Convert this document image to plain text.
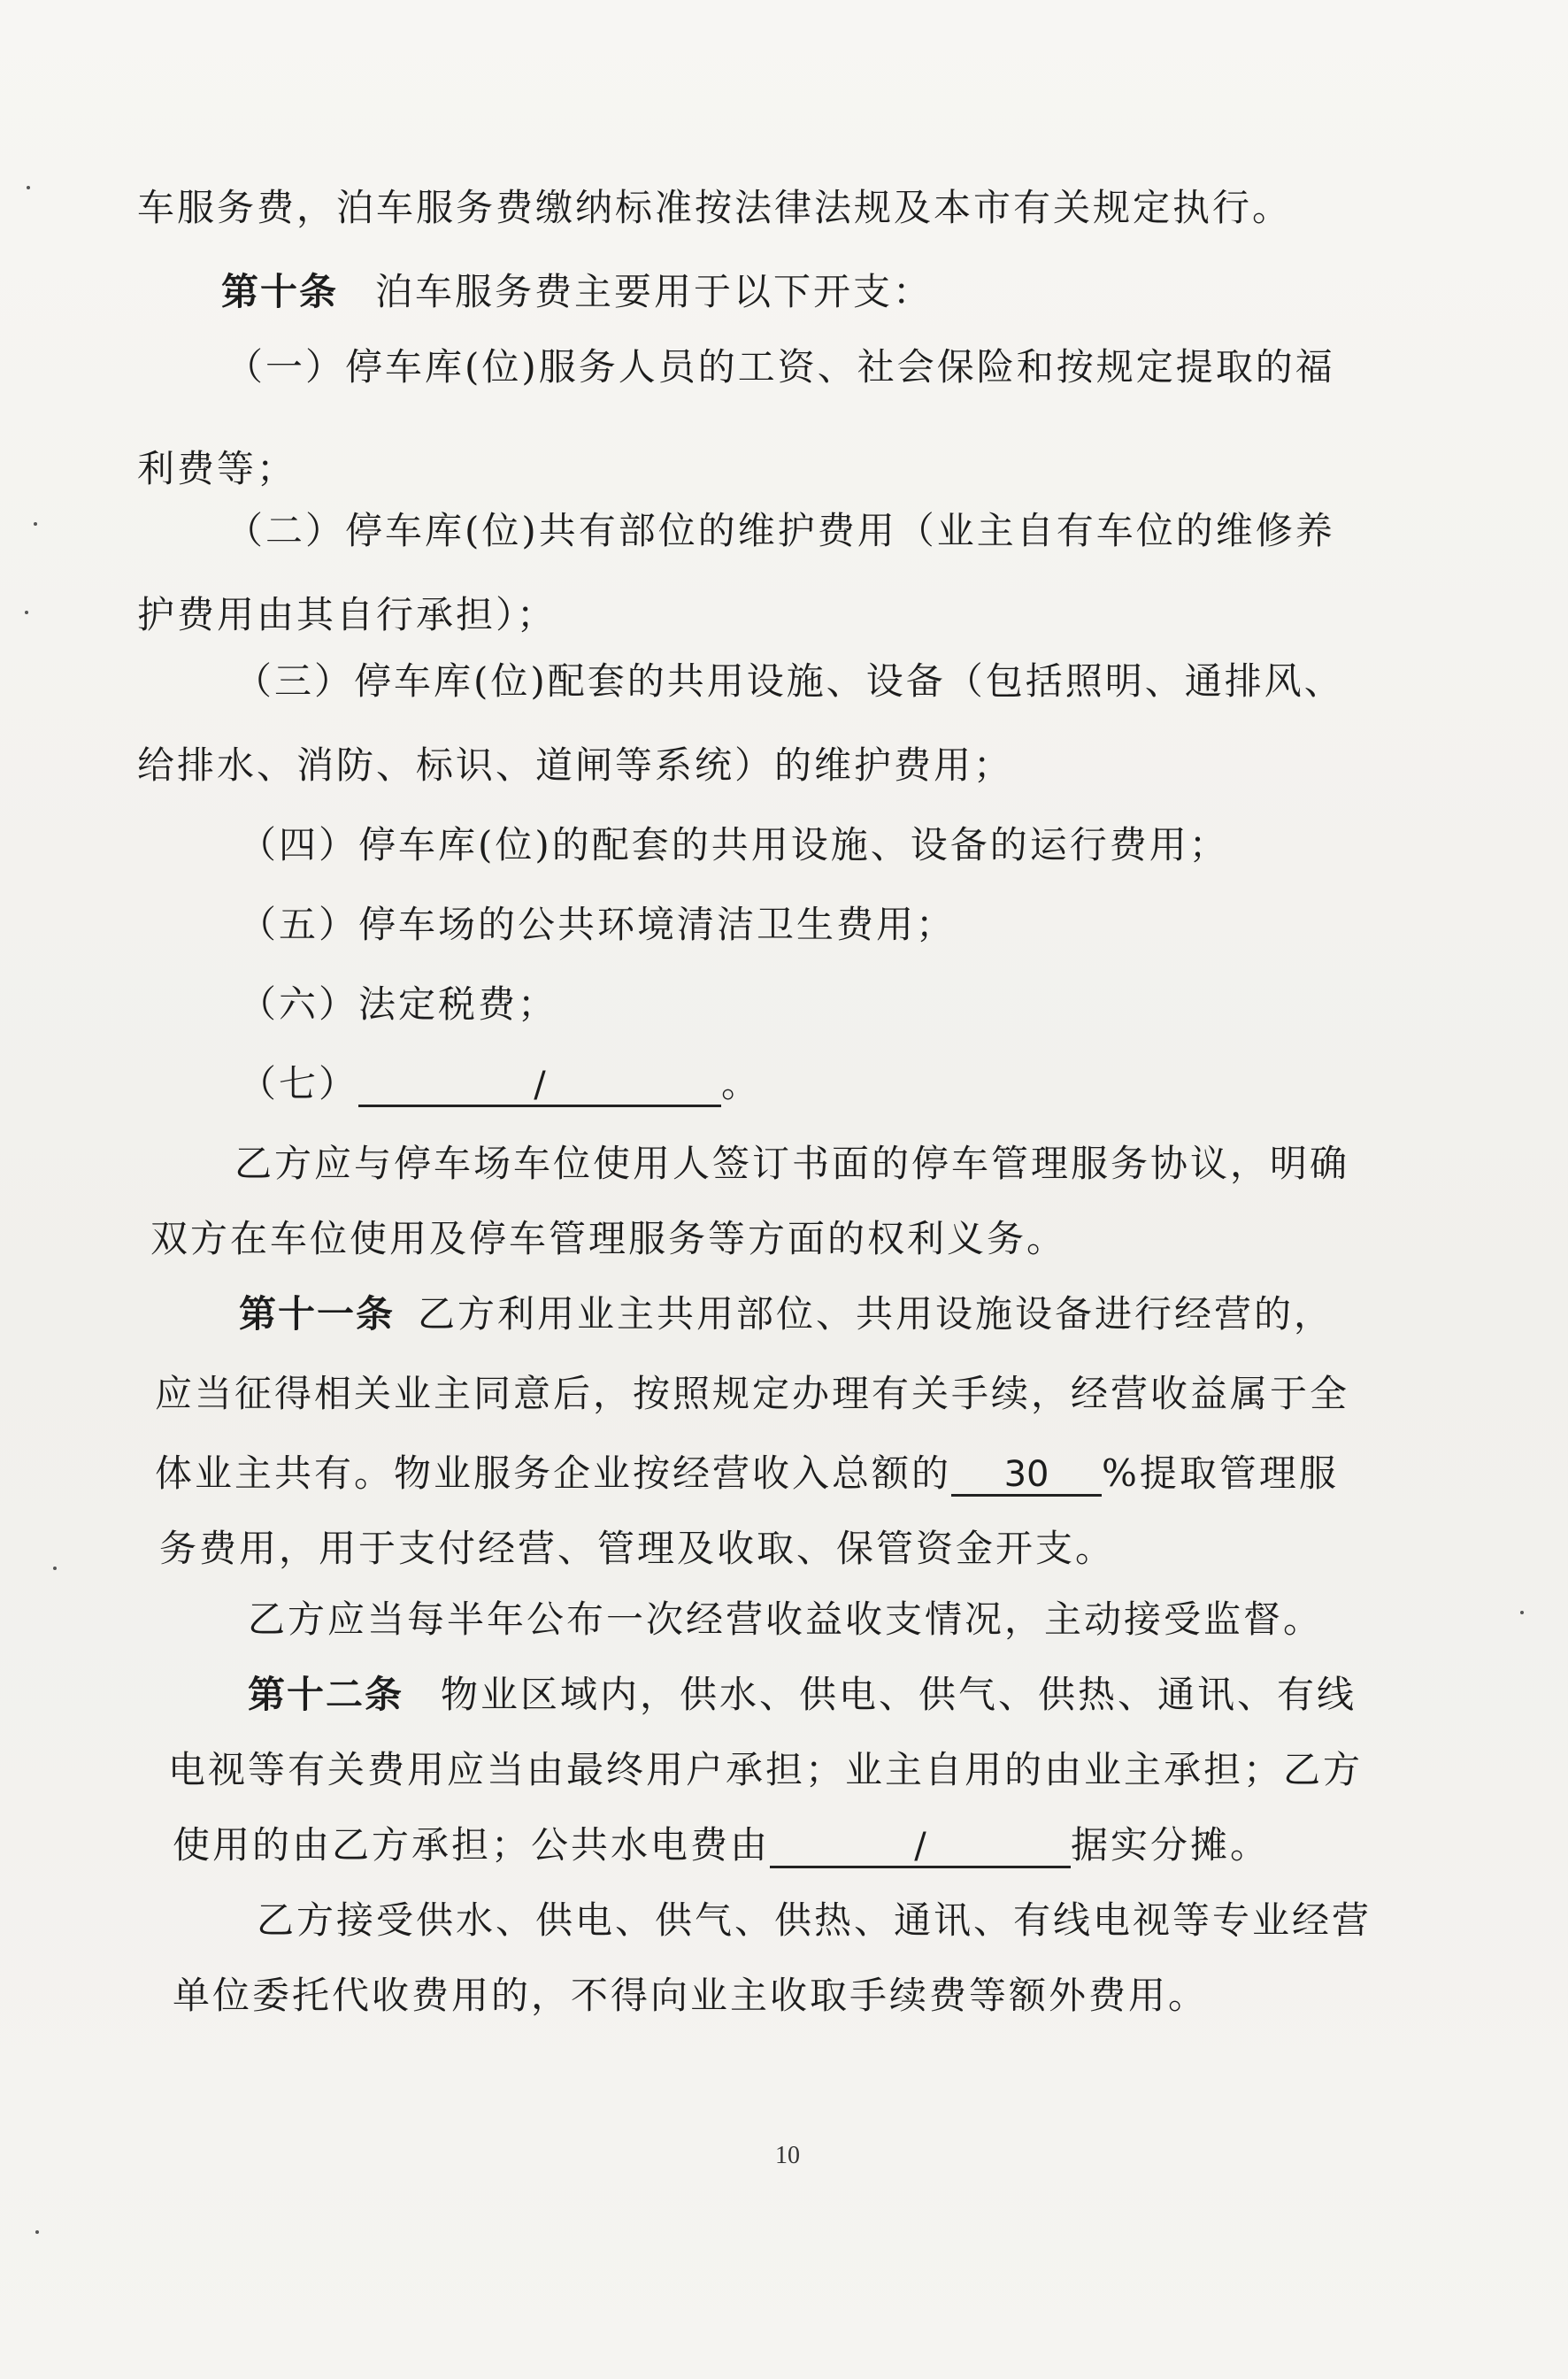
车服务费，泊车服务费缴纳标准按法律法规及本市有关规定执行。
第十条 泊车服务费主要用于以下开支：
（一）停车库(位)服务人员的工资、社会保险和按规定提取的福
利费等；
（二）停车库(位)共有部位的维护费用（业主自有车位的维修养
护费用由其自行承担）；
（三）停车库(位)配套的共用设施、设备（包括照明、通排风、
给排水、消防、标识、道闸等系统）的维护费用；
（四）停车库(位)的配套的共用设施、设备的运行费用；
（五）停车场的公共环境清洁卫生费用；
（六）法定税费；
（七）	/	。
乙方应与停车场车位使用人签订书面的停车管理服务协议，明确
双方在车位使用及停车管理服务等方面的权利义务。
第十一条 乙方利用业主共用部位、共用设施设备进行经营的，
应当征得相关业主同意后，按照规定办理有关手续，经营收益属于全
体业主共有。物业服务企业按经营收入总额的 30 %提取管理服
务费用，用于支付经营、管理及收取、保管资金开支。
乙方应当每半年公布一次经营收益收支情况，主动接受监督。
第十二条 物业区域内，供水、供电、供气、供热、通讯、有线
电视等有关费用应当由最终用户承担；业主自用的由业主承担；乙方
使用的由乙方承担；公共水电费由	/	据实分摊。
乙方接受供水、供电、供气、供热、通讯、有线电视等专业经营
单位委托代收费用的，不得向业主收取手续费等额外费用。
10
